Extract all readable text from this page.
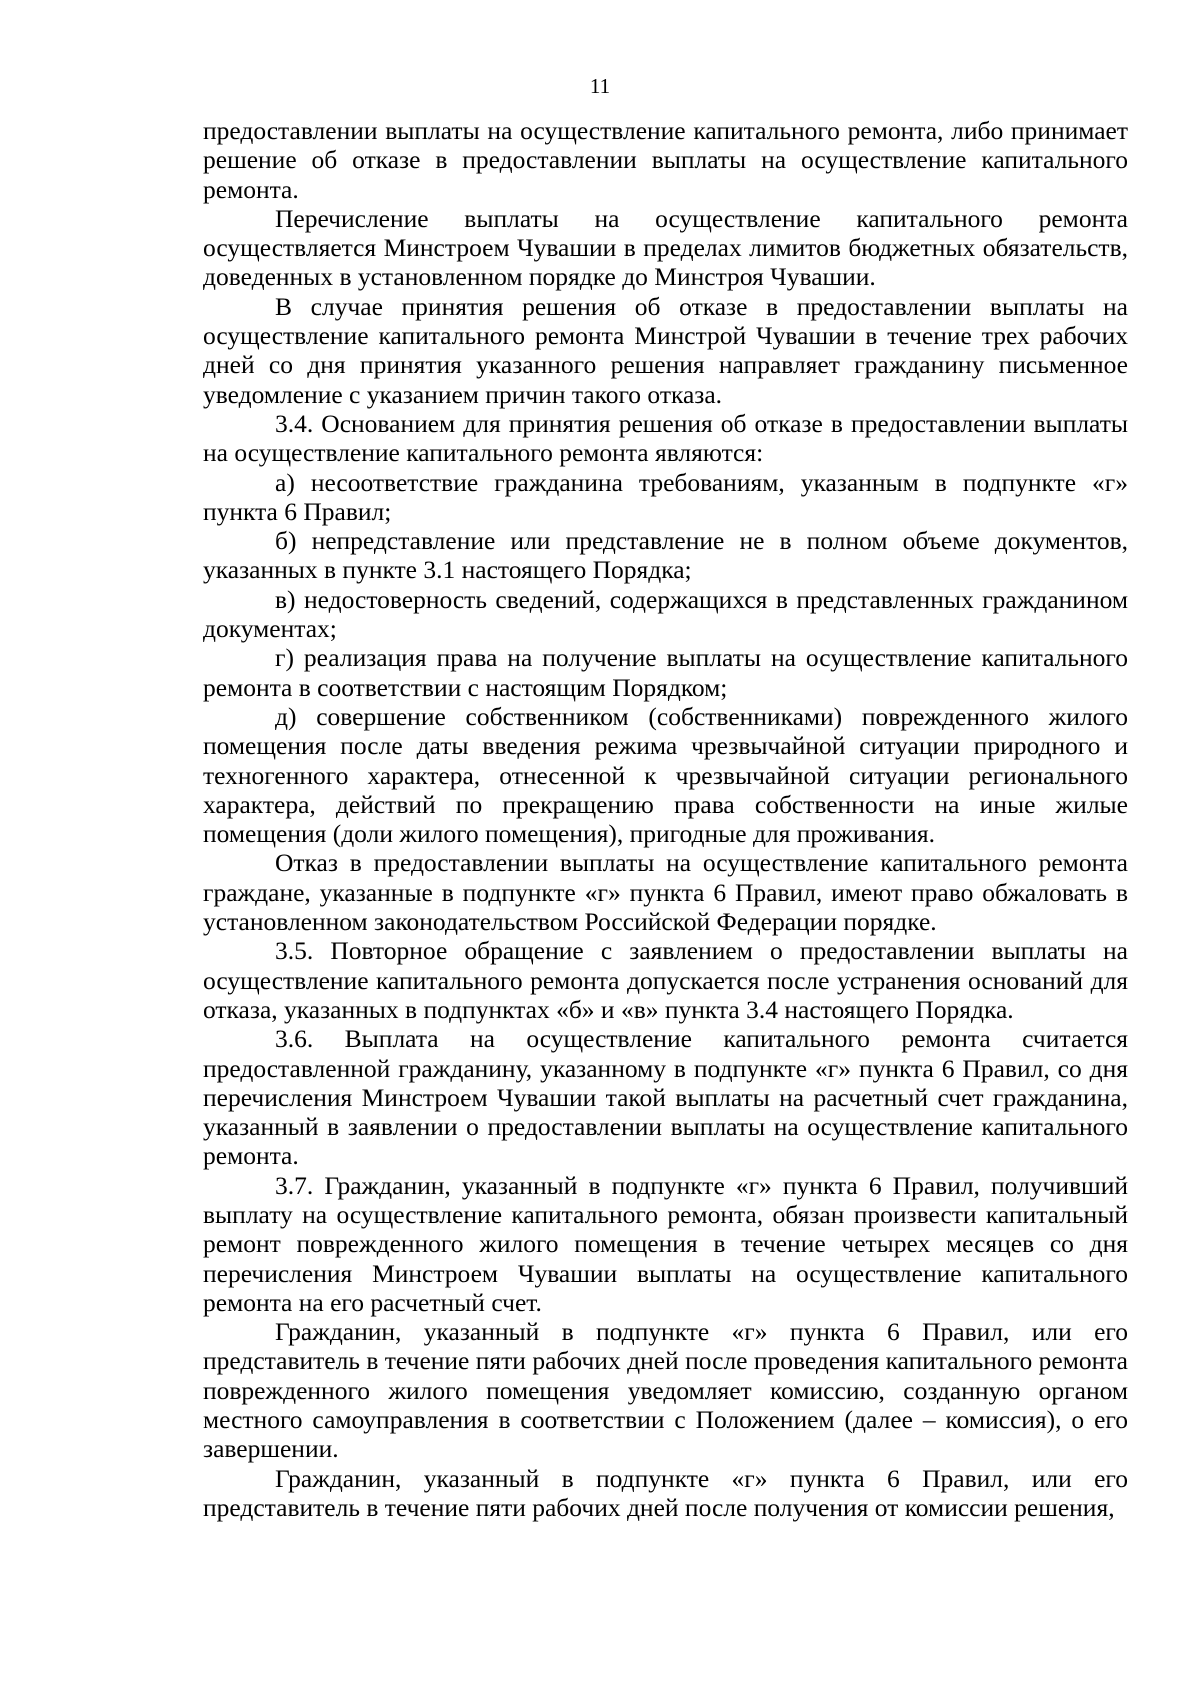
11

предоставлении выплаты на осуществление капитального ремонта, либо принимает решение об отказе в предоставлении выплаты на осуществление капитального ремонта.

Перечисление выплаты на осуществление капитального ремонта осуществляется Минстроем Чувашии в пределах лимитов бюджетных обязательств, доведенных в установленном порядке до Минстроя Чувашии.

В случае принятия решения об отказе в предоставлении выплаты на осуществление капитального ремонта Минстрой Чувашии в течение трех рабочих дней со дня принятия указанного решения направляет гражданину письменное уведомление с указанием причин такого отказа.

3.4. Основанием для принятия решения об отказе в предоставлении выплаты на осуществление капитального ремонта являются:

а) несоответствие гражданина требованиям, указанным в подпункте «г» пункта 6 Правил;

б) непредставление или представление не в полном объеме документов, указанных в пункте 3.1 настоящего Порядка;

в) недостоверность сведений, содержащихся в представленных гражданином документах;

г) реализация права на получение выплаты на осуществление капитального ремонта в соответствии с настоящим Порядком;

д) совершение собственником (собственниками) поврежденного жилого помещения после даты введения режима чрезвычайной ситуации природного и техногенного характера, отнесенной к чрезвычайной ситуации регионального характера, действий по прекращению права собственности на иные жилые помещения (доли жилого помещения), пригодные для проживания.

Отказ в предоставлении выплаты на осуществление капитального ремонта граждане, указанные в подпункте «г» пункта 6 Правил, имеют право обжаловать в установленном законодательством Российской Федерации порядке.

3.5. Повторное обращение с заявлением о предоставлении выплаты на осуществление капитального ремонта допускается после устранения оснований для отказа, указанных в подпунктах «б» и «в» пункта 3.4 настоящего Порядка.

3.6. Выплата на осуществление капитального ремонта считается предоставленной гражданину, указанному в подпункте «г» пункта 6 Правил, со дня перечисления Минстроем Чувашии такой выплаты на расчетный счет гражданина, указанный в заявлении о предоставлении выплаты на осуществление капитального ремонта.

3.7. Гражданин, указанный в подпункте «г» пункта 6 Правил, получивший выплату на осуществление капитального ремонта, обязан произвести капитальный ремонт поврежденного жилого помещения в течение четырех месяцев со дня перечисления Минстроем Чувашии выплаты на осуществление капитального ремонта на его расчетный счет.

Гражданин, указанный в подпункте «г» пункта 6 Правил, или его представитель в течение пяти рабочих дней после проведения капитального ремонта поврежденного жилого помещения уведомляет комиссию, созданную органом местного самоуправления в соответствии с Положением (далее – комиссия), о его завершении.

Гражданин, указанный в подпункте «г» пункта 6 Правил, или его представитель в течение пяти рабочих дней после получения от комиссии решения,
